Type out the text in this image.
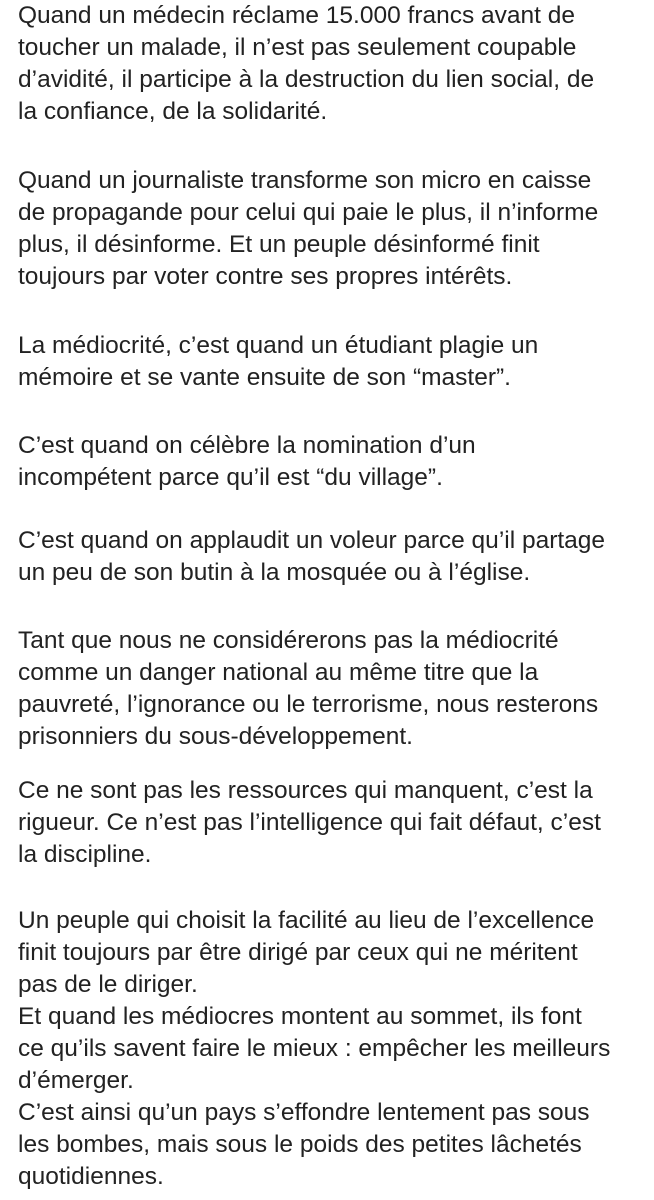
Quand un médecin réclame 15.000 francs avant de
toucher un malade, il n’est pas seulement coupable
d’avidité, il participe à la destruction du lien social, de
la confiance, de la solidarité.

Quand un journaliste transforme son micro en caisse
de propagande pour celui qui paie le plus, il n’informe
plus, il désinforme. Et un peuple désinformé finit
toujours par voter contre ses propres intérêts.

La médiocrité, c’est quand un étudiant plagie un
mémoire et se vante ensuite de son “master”.

C’est quand on célèbre la nomination d’un
incompétent parce qu’il est “du village”.

C’est quand on applaudit un voleur parce qu’il partage
un peu de son butin à la mosquée ou à l’église.

Tant que nous ne considérerons pas la médiocrité
comme un danger national au même titre que la
pauvreté, l’ignorance ou le terrorisme, nous resterons
prisonniers du sous-développement.

Ce ne sont pas les ressources qui manquent, c’est la
rigueur. Ce n’est pas l’intelligence qui fait défaut, c’est
la discipline.

Un peuple qui choisit la facilité au lieu de l’excellence
finit toujours par être dirigé par ceux qui ne méritent
pas de le diriger.
Et quand les médiocres montent au sommet, ils font
ce qu’ils savent faire le mieux : empêcher les meilleurs
d’émerger.
C’est ainsi qu’un pays s’effondre lentement pas sous
les bombes, mais sous le poids des petites lâchetés
quotidiennes.
